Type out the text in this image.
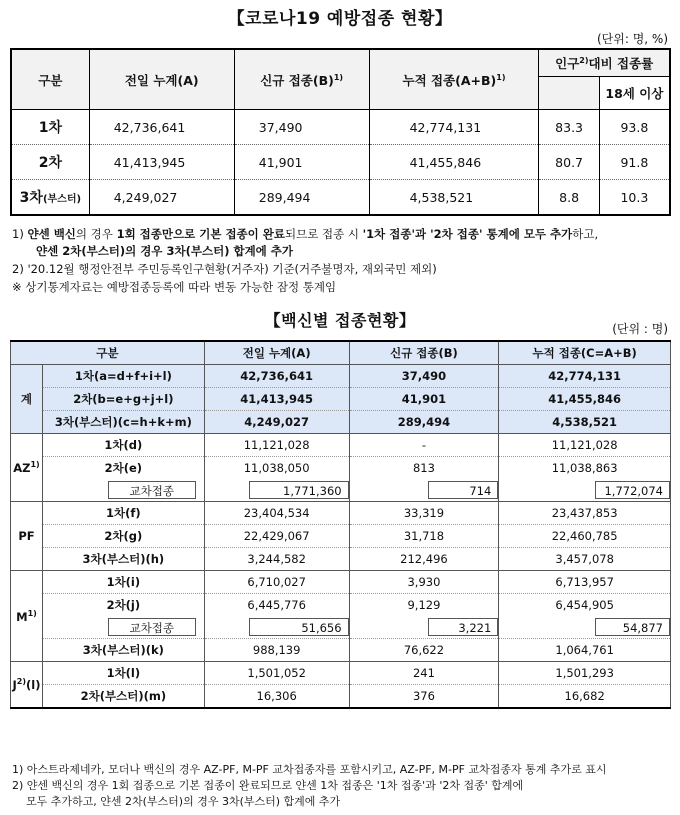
【코로나19 예방접종 현황】
(단위: 명, %)
구분	전일 누계(A)	신규 접종$(B)^{1)}$	누적 접종$(A+B)^{1)}$	인구$^{2)}$대비 접종률	
					18세 이상
1차	42,736,641	37,490	42,774,131	83.3	93.8
2차	41,413,945	41,901	41,455,846	80.7	91.8
3차(부스터)	4,249,027	289,494	4,538,521	8.8	10.3
1) 얀센 백신의 경우 1회 접종만으로 기본 접종이 완료되므로 접종 시 '1차 접종'과 '2차 접종' 통계에 모두 추가하고,
얀센 2차(부스터)의 경우 3차(부스터) 합계에 추가
2) '20.12월 행정안전부 주민등록인구현황(거주자) 기준(거주불명자, 재외국민 제외)
※ 상기통계자료는 예방접종등록에 따라 변동 가능한 잠정 통계임
【백신별 접종현황】	(단위 : 명)
구분		전일 누계(A)	신규 접종(B)	누적 접종(C=A+B)
계	1차(a=d+f+i+l)	42,736,641	37,490	42,774,131
	2차(b=e+g+j+l)	41,413,945	41,901	41,455,846
	3차(부스터)(c=h+k+m)	4,249,027	289,494	4,538,521
AZ$^{1)}$	1차(d)	11,121,028	-	11,121,028
	2차(e)	11,038,050	813	11,038,863
	교차접종	1,771,360	714	1,772,074
PF	1차(f)	23,404,534	33,319	23,437,853
	2차(g)	22,429,067	31,718	22,460,785
	3차(부스터)(h)	3,244,582	212,496	3,457,078
$M^{1)}$	1차(i)	6,710,027	3,930	6,713,957
	2차(j)	6,445,776	9,129	6,454,905
	교차접종	51,656	3,221	54,877
	3차(부스터)(k)	988,139	76,622	1,064,761
$J^{2)}(l)$	1차(l)	1,501,052	241	1,501,293
	2차(부스터)(m)	16,306	376	16,682
1) 아스트라제네카, 모더나 백신의 경우 AZ-PF, M-PF 교차접종자를 포함시키고, AZ-PF, M-PF 교차접종자 통계 추가로 표시
2) 얀센 백신의 경우 1회 접종으로 기본 접종이 완료되므로 얀센 1차 접종은 '1차 접종'과 '2차 접종' 합계에
모두 추가하고, 얀센 2차(부스터)의 경우 3차(부스터) 합계에 추가
